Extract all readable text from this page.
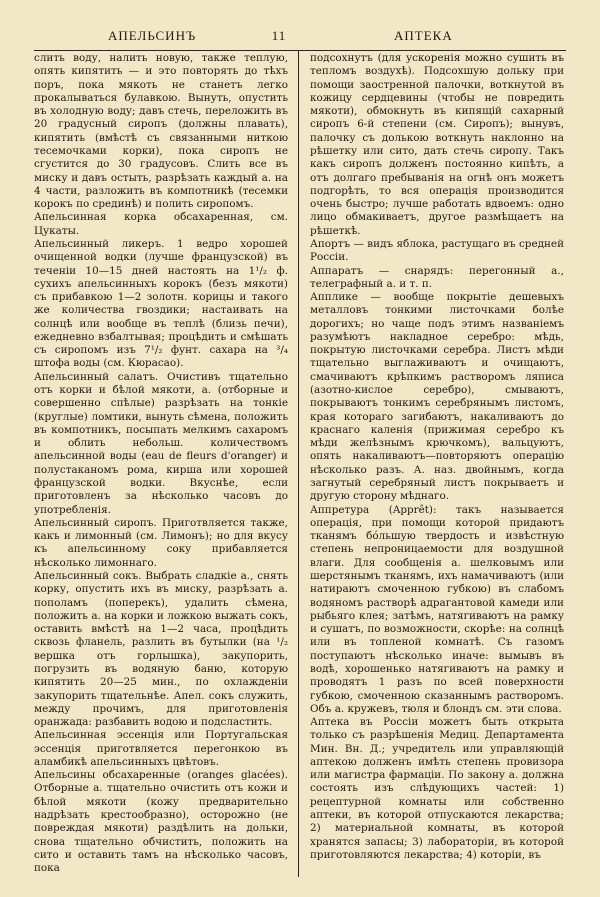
АПЕЛЬСИНЪ	11	АПТЕКА

слить воду, налить новую, также теплую, опять кипятить — и это повторять до тѣхъ поръ, пока мякоть не станетъ легко прокалываться булавкою. Вынуть, опустить въ холодную воду; давъ стечь, переложить въ 20 градусный сиропъ (должны плавать), кипятить (вмѣстѣ съ связанными ниткою тесемочками корки), пока сиропъ не сгустится до 30 градусовъ. Слить все въ миску и давъ остыть, разрѣзать каждый а. на 4 части, разложить въ компотникѣ (тесемки корокъ по срединѣ) и полить сиропомъ.

Апельсинная корка обсахаренная, см. Цукаты.

Апельсинный ликеръ. 1 ведро хорошей очищенной водки (лучше французской) въ теченіи 10—15 дней настоять на 1¹/₂ ф. сухихъ апельсинныхъ корокъ (безъ мякоти) съ прибавкою 1—2 золотн. корицы и такого же количества гвоздики; настаивать на солнцѣ или вообще въ теплѣ (близь печи), ежедневно взбалтывая; процѣдить и смѣшать съ сиропомъ изъ 7¹/₂ фунт. сахара на ³/₄ штофа воды (см. Кюрасао).

Апельсинный салатъ. Очистивъ тщательно отъ корки и бѣлой мякоти, а. (отборные и совершенно спѣлые) разрѣзать на тонкіе (круглые) ломтики, вынуть сѣмена, положить въ компотникъ, посыпать мелкимъ сахаромъ и облить небольш. количествомъ апельсинной воды (eau de fleurs d'oranger) и полустаканомъ рома, кирша или хорошей французской водки. Вкуснѣе, если приготовленъ за нѣсколько часовъ до употребленія.

Апельсинный сиропъ. Приготвляется также, какъ и лимонный (см. Лимонъ); но для вкусу къ апельсинному соку прибавляется нѣсколько лимоннаго.

Апельсинный сокъ. Выбрать сладкіе а., снять корку, опустить ихъ въ миску, разрѣзать а. пополамъ (поперекъ), удалить сѣмена, положить а. на корки и ложкою выжать сокъ, оставить вмѣстѣ на 1—2 часа, процѣдить сквозь фланель, разлить въ бутылки (на ¹/₂ вершка отъ горлышка), закупорить, погрузить въ водяную баню, которую кипятить 20—25 мин., по охлажденіи закупорить тщательнѣе. Апел. сокъ служить, между прочимъ, для приготовленія оранжада: разбавить водою и подсластить.

Апельсинная эссенція или Португальская эссенція приготвляется перегонкою въ аламбикѣ апельсинныхъ цвѣтовъ.

Апельсины обсахаренные (oranges glacées). Отборные а. тщательно очистить отъ кожи и бѣлой мякоти (кожу предварительно надрѣзать крестообразно), осторожно (не повреждая мякоти) раздѣлить на дольки, снова тщательно обчистить, положить на сито и оставить тамъ на нѣсколько часовъ, пока

подсохнутъ (для ускоренія можно сушить въ тепломъ воздухѣ). Подсохшую дольку при помощи заостренной палочки, воткнутой въ кожицу сердцевины (чтобы не повредить мякоти), обмокнуть въ кипящій сахарный сиропъ 6-й степени (см. Сиропъ); вынувъ, палочку съ долькою воткнуть наклонно на рѣшетку или сито, дать стечь сиропу. Такъ какъ сиропъ долженъ постоянно кипѣть, а отъ долгаго пребыванія на огнѣ онъ можетъ подгорѣть, то вся операція производится очень быстро; лучше работать вдвоемъ: одно лицо обмакиваетъ, другое размѣщаетъ на рѣшеткѣ.

Апортъ — видъ яблока, растущаго въ средней Россіи.

Аппаратъ — снарядъ: перегонный а., телеграфный а. и т. п.

Апплике — вообще покрытіе дешевыхъ металловъ тонкими листочками болѣе дорогихъ; но чаще подъ этимъ названіемъ разумѣютъ накладное серебро: мѣдь, покрытую листочками серебра. Листъ мѣди тщательно выглаживаютъ и очищаютъ, смачиваютъ крѣпкимъ растворомъ ляписа (азотно-кислое серебро), смываютъ, покрываютъ тонкимъ серебрянымъ листомъ, края котораго загибаютъ, накаливаютъ до краснаго каленія (прижимая серебро къ мѣди желѣзнымъ крючкомъ), вальцуютъ, опять накаливаютъ—повторяютъ операцію нѣсколько разъ. А. наз. двойнымъ, когда загнутый серебряный листъ покрываетъ и другую сторону мѣднаго.

Аппретура (Apprêt): такъ называется операція, при помощи которой придаютъ тканямъ бо́льшую твердость и извѣстную степень непроницаемости для воздушной влаги. Для сообщенія а. шелковымъ или шерстянымъ тканямъ, ихъ намачиваютъ (или натираютъ смоченною губкою) въ слабомъ водяномъ растворѣ адрагантовой камеди или рыбьяго клея; затѣмъ, натягиваютъ на рамку и сушатъ, по возможности, скорѣе: на солнцѣ или въ топленой комнатѣ. Съ газомъ поступаютъ нѣсколько иначе: вымывъ въ водѣ, хорошенько натягиваютъ на рамку и проводятъ 1 разъ по всей поверхности губкою, смоченною сказаннымъ растворомъ. Объ а. кружевъ, тюля и блондъ см. эти слова.

Аптека въ Россіи можетъ быть открыта только съ разрѣшенія Медиц. Департамента Мин. Вн. Д.; учредитель или управляющій аптекою долженъ имѣть степень провизора или магистра фармаціи. По закону а. должна состоять изъ слѣдующихъ частей: 1) рецептурной комнаты или собственно аптеки, въ которой отпускаются лекарства; 2) материальной комнаты, въ которой хранятся запасы; 3) лабораторіи, въ которой приготовляются лекарства; 4) которіи, въ
